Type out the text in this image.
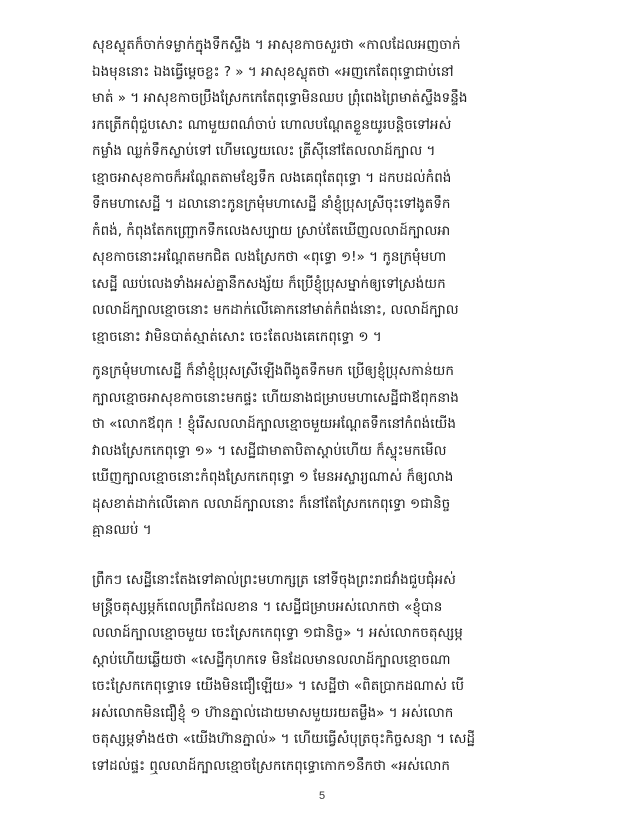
សុខស្លុតក៏ចាក់ទម្លាក់ក្នុងទឹកស្ទឹង ។ អាសុខកាចសួរថា «កាលដែលអញចាក់

ឯងមុននោះ ឯងធ្វើម្តេចខ្លះ ? » ។ អាសុខស្លុតថា «អញកេតែពុទ្ធោជាប់នៅ

មាត់ » ។ អាសុខកាចប្រឹងស្រែកកេតែពុទ្ធោមិនឈប ព្រុំពេងព្រៃមាត់ស្ទឹងទន្ទឹង

រកត្រើកពុំជួបសោះ ណាមួយពណ៌ចាប់ ហោលបណ្តែតខ្លួនយូរបន្តិចទៅអស់

កម្លាំង ឈ្លក់ទឹកស្លាប់ទៅ ហើមល្វេយលេះ ត្រីស៊ីនៅតែលលាដ៍ក្បាល ។

ខ្មោចអាសុខកាចក៏អណ្តែតតាមខ្សែទឹក លងគេពុតែពុទ្ធោ ។ ដកបដល់កំពង់

ទឹកមហាសេដ្ឋី ។ ដលានោះកូនក្រមុំមហាសេដ្ឋី នាំខ្ញុំប្រុសស្រីចុះទៅងូតទឹក

កំពង់, កំពុងតែកញ្ជ្រោកទឹកលេងសប្បាយ ស្រាប់តែឃើញលលាដ៍ក្បាលអា

សុខកាចនោះអណ្តែតមកជិត លងស្រែកថា «ពុទ្ធោ ១!» ។ កូនក្រមុំមហា

សេដ្ឋី ឈប់លេងទាំងអស់គ្នានឹកសង្ស័យ ក៏ប្រើខ្ញុំប្រុសម្នាក់ឲ្យទៅស្រង់យក

លលាដ៍ក្បាលខ្មោចនោះ មកដាក់លើគោកនៅមាត់កំពង់នោះ, លលាដ៍ក្បាល

ខ្មោចនោះ វាមិនបាត់ស្មាត់សោះ ចេះតែលងគេកេពុទ្ធោ ១ ។

កូនក្រមុំមហាសេដ្ឋី ក៏នាំខ្ញុំប្រុសស្រីឡើងពីងូតទឹកមក ប្រើឲ្យខ្ញុំប្រុសកាន់យក

ក្បាលខ្មោចអាសុខកាចនោះមកផ្ទះ ហើយនាងជម្រាបមហាសេដ្ឋីជាឪពុកនាង

ថា «លោកឪពុក ! ខ្ញុំរើសលលាដ៍ក្បាលខ្មោចមួយអណ្តែតទឹកនៅកំពង់យើង

វាលងស្រែកកេពុទ្ធោ ១» ។ សេដ្ឋីជាមាតាបិតាស្តាប់ហើយ ក៏ស្ទុះមកមើល

ឃើញក្បាលខ្មោចនោះកំពុងស្រែកកេពុទ្ធោ ១ មែនអស្ចារ្យណាស់ ក៏ឲ្យលាង

ដុសខាត់ដាក់លើគោក លលាដ៍ក្បាលនោះ ក៏នៅតែស្រែកកេពុទ្ធោ ១ជានិច្ច

គ្មានឈប់ ។

ព្រឹកៗ សេដ្ឋីនោះតែងទៅគាល់ព្រះមហាក្សត្រ នៅទីចុងព្រះរាជវាំងជួបជុំអស់

មន្ត្រីចតុស្សម្ភក៍ពេលព្រឹកដែលខាន ។ សេដ្ឋីជម្រាបអស់លោកថា «ខ្ញុំបាន

លលាដ៍ក្បាលខ្មោចមួយ ចេះស្រែកកេពុទ្ធោ ១ជានិច្ច» ។ អស់លោកចតុស្សម្ភ

ស្តាប់ហើយឆ្លើយថា «សេដ្ឋីកុហកទេ មិនដែលមានលលាដ៍ក្បាលខ្មោចណា

ចេះស្រែកកេពុទ្ធោទេ យើងមិនជឿឡើយ» ។ សេដ្ឋីថា «ពិតប្រាកដណាស់ បើ

អស់លោកមិនជឿខ្ញុំ ១ ហ៊ានភ្នាល់ដោយមាសមួយរយតម្លឹង» ។ អស់លោក

ចតុស្សម្ភទាំង៥ថា «យើងហ៊ានភ្នាល់» ។ ហើយធ្វើសំបុត្រចុះកិច្ចសន្យា ។ សេដ្ឋី

ទៅដល់ផ្ទះ ឮលលាដ៍ក្បាលខ្មោចស្រែកកេពុទ្ធោកោក១នឹកថា «អស់លោក

5
